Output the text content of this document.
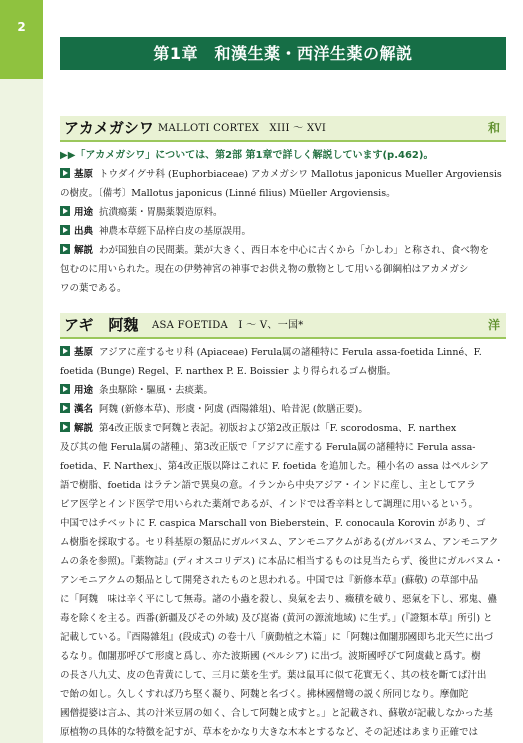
2
第1章　和漢生薬・西洋生薬の解説
アカメガシワ MALLOTI CORTEX　XIII ～ XVI	和
▶▶「アカメガシワ」については、第2部 第1章で詳しく解説しています(p.462)。
基原 トウダイグサ科 (Euphorbiaceae) アカメガシワ Mallotus japonicus Mueller Argoviensis
の樹皮。〔備考〕Mallotus japonicus (Linné filius) Müeller Argoviensis。
用途 抗潰瘍薬・胃腸薬製造原料。
出典 神農本草經下品梓白皮の基原誤用。
解説 わが国独自の民間薬。葉が大きく、西日本を中心に古くから「かしわ」と称され、食べ物を
包むのに用いられた。現在の伊勢神宮の神事でお供え物の敷物として用いる御綱柏はアカメガシ
ワの葉である。
アギ　阿魏 ASA FOETIDA　I ～ V、一国*	洋
基原 アジアに産するセリ科 (Apiaceae) Ferula属の諸種特に Ferula assa-foetida Linné、F.
foetida (Bunge) Regel、F. narthex P. E. Boissier より得られるゴム樹脂。
用途 条虫駆除・驅風・去痰薬。
漢名 阿魏 (新修本草)、形虞・阿虞 (酉陽雜俎)、哈昔泥 (飲膳正要)。
解説 第4改正版まで阿魏と表記。初版および第2改正版は「F. scorodosma、F. narthex
及び其の他 Ferula属の諸種」、第3改正版で「アジアに産する Ferula属の諸種特に Ferula assa-
foetida、F. Narthex」、第4改正版以降はこれに F. foetida を追加した。種小名の assa はペルシア
語で樹脂、foetida はラテン語で異臭の意。イランから中央アジア・インドに産し、主としてアラ
ビア医学とインド医学で用いられた薬剤であるが、インドでは香辛料として調理に用いるという。
中国ではチベットに F. caspica Marschall von Bieberstein、F. conocaula Korovin があり、ゴ
ム樹脂を採取する。セリ科基原の類品にガルバヌム、アンモニアクムがある(ガルバヌム、アンモニアク
ムの条を参照)。『薬物誌』(ディオスコリデス) に本品に相当するものは見当たらず、後世にガルバヌム・
アンモニアクムの類品として開発されたものと思われる。中国では『新修本草』(蘇敬) の草部中品
に「阿魏　味は辛く平にして無毒。諸の小蟲を殺し、臭氣を去り、癥積を破り、惡氣を下し、邪鬼、蠱
毒を除くを主る。西番(新疆及びその外域) 及び崑崙 (黄河の源流地域) に生ず。」(『證類本草』所引) と
記載している。『酉陽雜俎』(段成式) の卷十八「廣動植之木篇」に「阿魏は伽闍那國即ち北天竺に出づ
るなり。伽闍那呼びて形虞と爲し、亦た波斯國 (ペルシア) に出づ。波斯國呼びて阿虞截と爲す。樹
の長さ八九丈、皮の色青黄にして、三月に葉を生ず。葉は鼠耳に似て花實无く、其の枝を斷てば汁出
で飴の如し。久しくすれば乃ち堅く凝り、阿魏と名づく。拂林國僧彎の説く所同じなり。摩伽陀
國僧提婆は言ふ、其の汁米豆屑の如く、合して阿魏と成すと。」と記載され、蘇敬が記載しなかった基
原植物の具体的な特徴を記すが、草本をかなり大きな木本とするなど、その記述はあまり正確では
